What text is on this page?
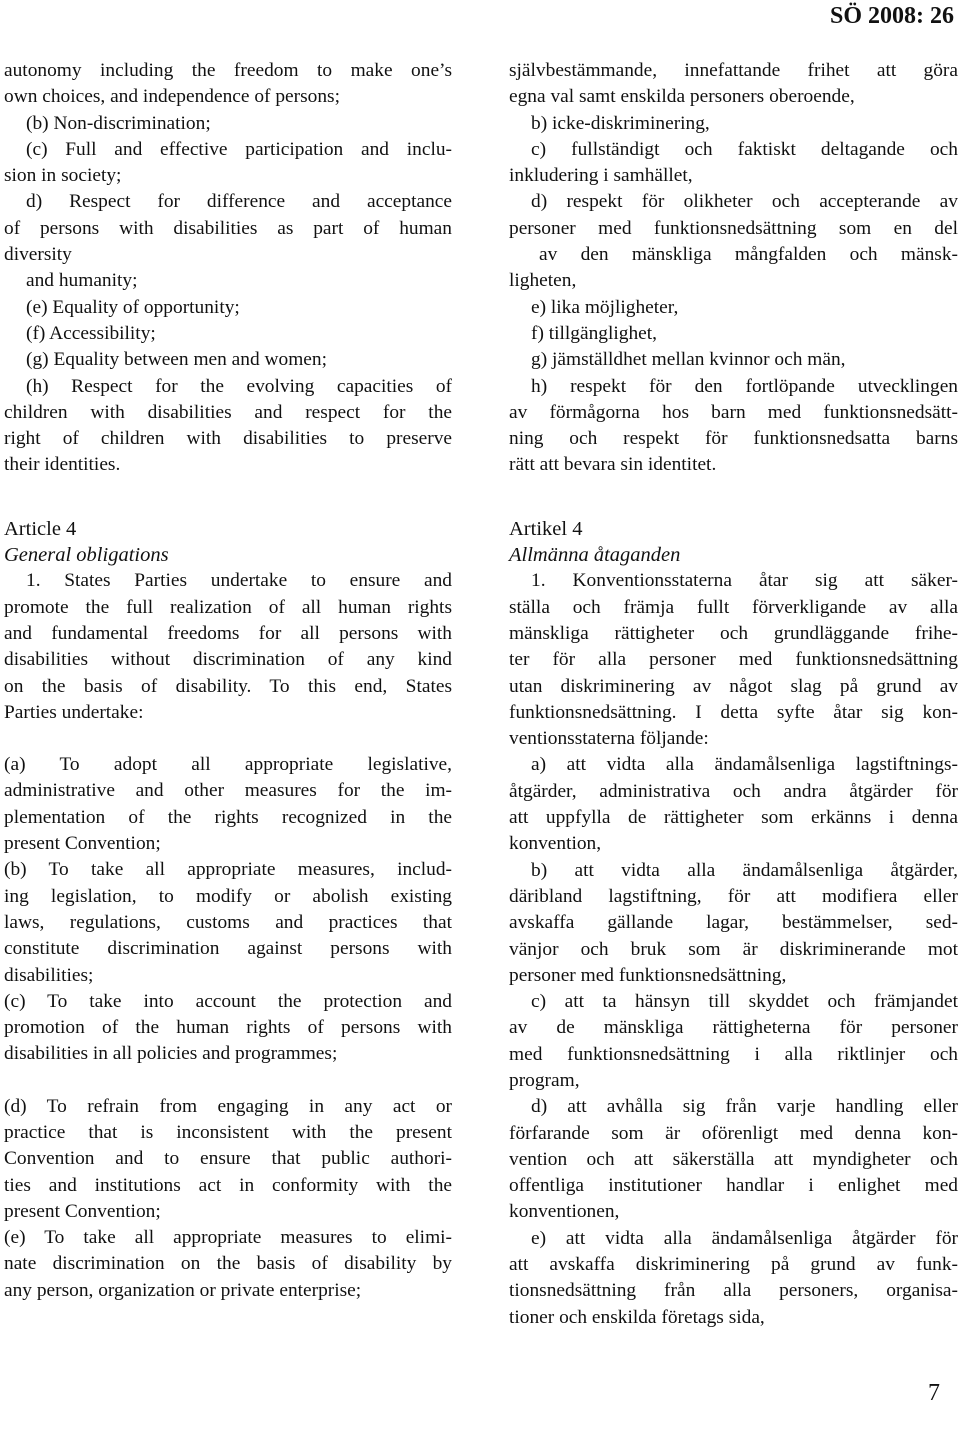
SÖ 2008: 26

autonomy including the freedom to make one’s

own choices, and independence of persons;

(b) Non-discrimination;

(c) Full and effective participation and inclu-

sion in society;

d) Respect for difference and acceptance

of persons with disabilities as part of human

diversity

and humanity;

(e) Equality of opportunity;

(f) Accessibility;

(g) Equality between men and women;

(h) Respect for the evolving capacities of

children with disabilities and respect for the

right of children with disabilities to preserve

their identities.

Article 4

General obligations

1. States Parties undertake to ensure and

promote the full realization of all human rights

and fundamental freedoms for all persons with

disabilities without discrimination of any kind

on the basis of disability. To this end, States

Parties undertake:

(a) To adopt all appropriate legislative,

administrative and other measures for the im-

plementation of the rights recognized in the

present Convention;

(b) To take all appropriate measures, includ-

ing legislation, to modify or abolish existing

laws, regulations, customs and practices that

constitute discrimination against persons with

disabilities;

(c) To take into account the protection and

promotion of the human rights of persons with

disabilities in all policies and programmes;

(d) To refrain from engaging in any act or

practice that is inconsistent with the present

Convention and to ensure that public authori-

ties and institutions act in conformity with the

present Convention;

(e) To take all appropriate measures to elimi-

nate discrimination on the basis of disability by

any person, organization or private enterprise;

självbestämmande, innefattande frihet att göra

egna val samt enskilda personers oberoende,

b) icke-diskriminering,

c) fullständigt och faktiskt deltagande och

inkludering i samhället,

d) respekt för olikheter och accepterande av

personer med funktionsnedsättning som en del

av den mänskliga mångfalden och mänsk-

ligheten,

e) lika möjligheter,

f) tillgänglighet,

g) jämställdhet mellan kvinnor och män,

h) respekt för den fortlöpande utvecklingen

av förmågorna hos barn med funktionsnedsätt-

ning och respekt för funktionsnedsatta barns

rätt att bevara sin identitet.

Artikel 4

Allmänna åtaganden

1. Konventionsstaterna åtar sig att säker-

ställa och främja fullt förverkligande av alla

mänskliga rättigheter och grundläggande frihe-

ter för alla personer med funktionsnedsättning

utan diskriminering av något slag på grund av

funktionsnedsättning. I detta syfte åtar sig kon-

ventionsstaterna följande:

a) att vidta alla ändamålsenliga lagstiftnings-

åtgärder, administrativa och andra åtgärder för

att uppfylla de rättigheter som erkänns i denna

konvention,

b) att vidta alla ändamålsenliga åtgärder,

däribland lagstiftning, för att modifiera eller

avskaffa gällande lagar, bestämmelser, sed-

vänjor och bruk som är diskriminerande mot

personer med funktionsnedsättning,

c) att ta hänsyn till skyddet och främjandet

av de mänskliga rättigheterna för personer

med funktionsnedsättning i alla riktlinjer och

program,

d) att avhålla sig från varje handling eller

förfarande som är oförenligt med denna kon-

vention och att säkerställa att myndigheter och

offentliga institutioner handlar i enlighet med

konventionen,

e) att vidta alla ändamålsenliga åtgärder för

att avskaffa diskriminering på grund av funk-

tionsnedsättning från alla personers, organisa-

tioner och enskilda företags sida,

7
